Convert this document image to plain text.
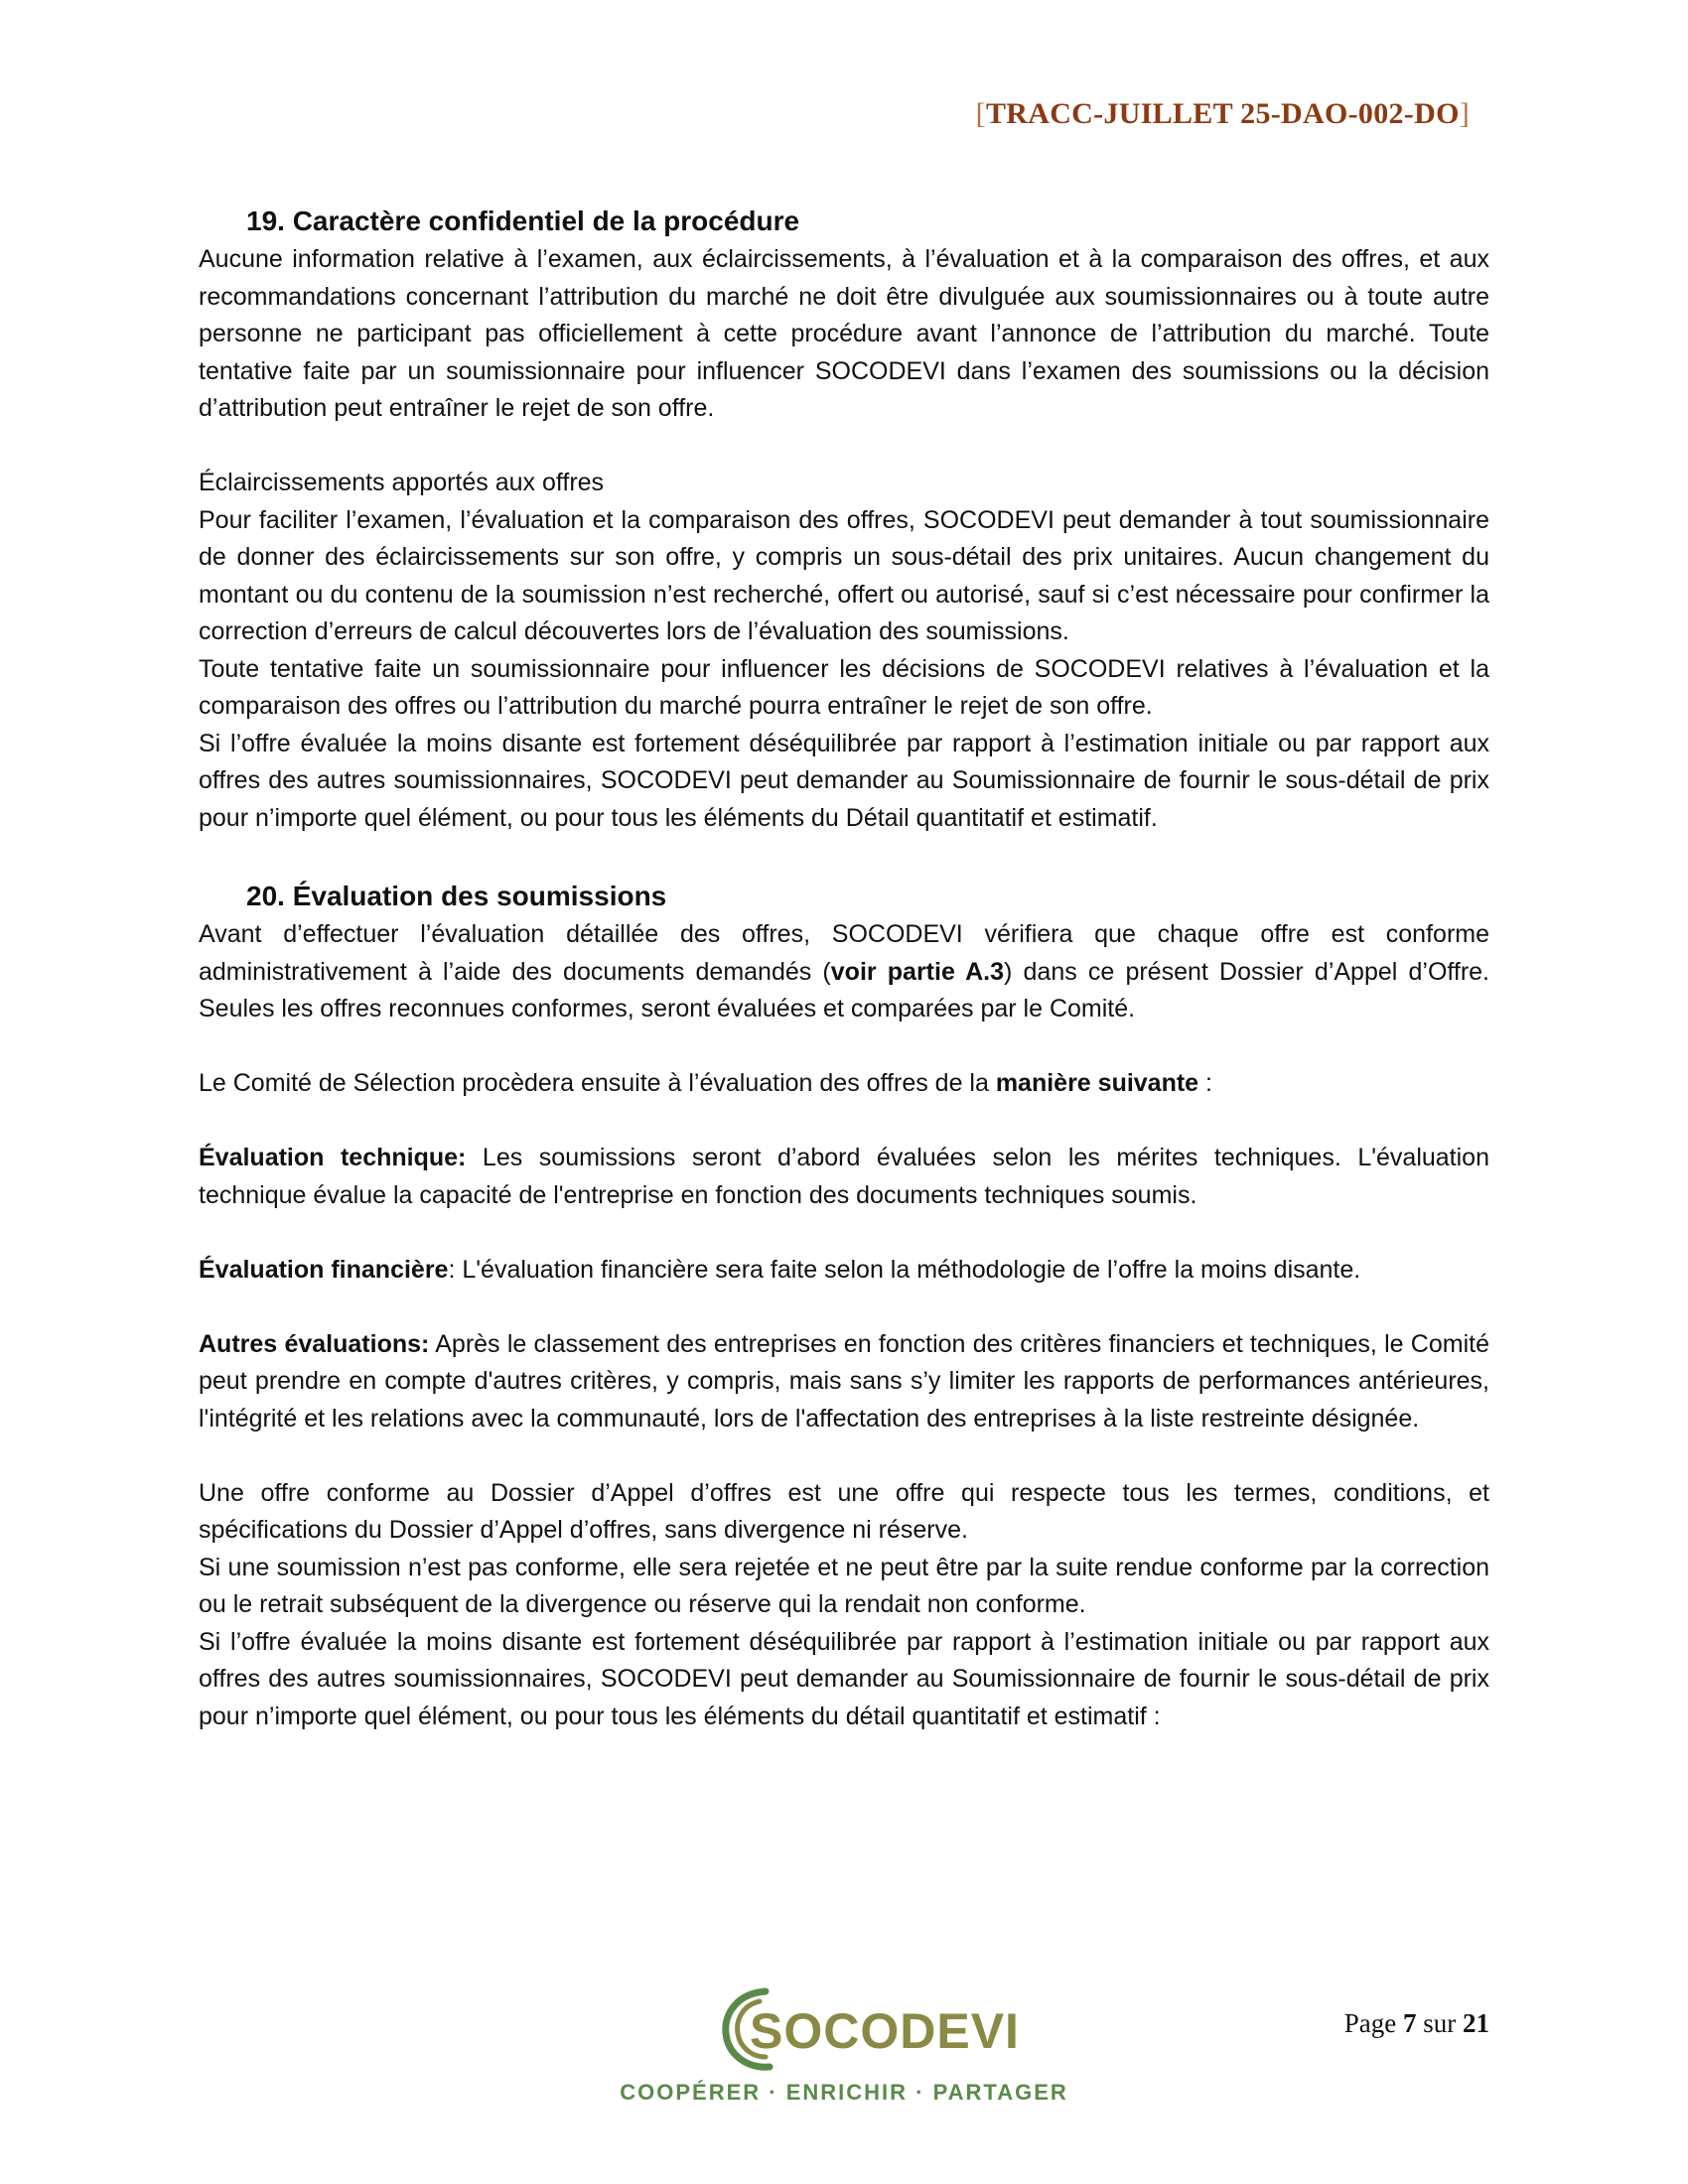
[TRACC-JUILLET 25-DAO-002-DO]
19. Caractère confidentiel de la procédure

Aucune information relative à l’examen, aux éclaircissements, à l’évaluation et à la comparaison des offres, et aux recommandations concernant l’attribution du marché ne doit être divulguée aux soumissionnaires ou à toute autre personne ne participant pas officiellement à cette procédure avant l’annonce de l’attribution du marché. Toute tentative faite par un soumissionnaire pour influencer SOCODEVI dans l’examen des soumissions ou la décision d’attribution peut entraîner le rejet de son offre.

Éclaircissements apportés aux offres

Pour faciliter l’examen, l’évaluation et la comparaison des offres, SOCODEVI peut demander à tout soumissionnaire de donner des éclaircissements sur son offre, y compris un sous-détail des prix unitaires. Aucun changement du montant ou du contenu de la soumission n’est recherché, offert ou autorisé, sauf si c’est nécessaire pour confirmer la correction d’erreurs de calcul découvertes lors de l’évaluation des soumissions.

Toute tentative faite un soumissionnaire pour influencer les décisions de SOCODEVI relatives à l’évaluation et la comparaison des offres ou l’attribution du marché pourra entraîner le rejet de son offre.

Si l’offre évaluée la moins disante est fortement déséquilibrée par rapport à l’estimation initiale ou par rapport aux offres des autres soumissionnaires, SOCODEVI peut demander au Soumissionnaire de fournir le sous-détail de prix pour n’importe quel élément, ou pour tous les éléments du Détail quantitatif et estimatif.

20. Évaluation des soumissions

Avant d’effectuer l’évaluation détaillée des offres, SOCODEVI vérifiera que chaque offre est conforme administrativement à l’aide des documents demandés (voir partie A.3) dans ce présent Dossier d’Appel d’Offre. Seules les offres reconnues conformes, seront évaluées et comparées par le Comité.

Le Comité de Sélection procèdera ensuite à l’évaluation des offres de la manière suivante :

Évaluation technique: Les soumissions seront d’abord évaluées selon les mérites techniques. L'évaluation technique évalue la capacité de l'entreprise en fonction des documents techniques soumis.

Évaluation financière: L'évaluation financière sera faite selon la méthodologie de l’offre la moins disante.

Autres évaluations: Après le classement des entreprises en fonction des critères financiers et techniques, le Comité peut prendre en compte d'autres critères, y compris, mais sans s’y limiter les rapports de performances antérieures, l'intégrité et les relations avec la communauté, lors de l'affectation des entreprises à la liste restreinte désignée.

Une offre conforme au Dossier d’Appel d’offres est une offre qui respecte tous les termes, conditions, et spécifications du Dossier d’Appel d’offres, sans divergence ni réserve.

Si une soumission n’est pas conforme, elle sera rejetée et ne peut être par la suite rendue conforme par la correction ou le retrait subséquent de la divergence ou réserve qui la rendait non conforme.

Si l’offre évaluée la moins disante est fortement déséquilibrée par rapport à l’estimation initiale ou par rapport aux offres des autres soumissionnaires, SOCODEVI peut demander au Soumissionnaire de fournir le sous-détail de prix pour n’importe quel élément, ou pour tous les éléments du détail quantitatif et estimatif :

SOCODEVI
COOPÉRER · ENRICHIR · PARTAGER
Page 7 sur 21
